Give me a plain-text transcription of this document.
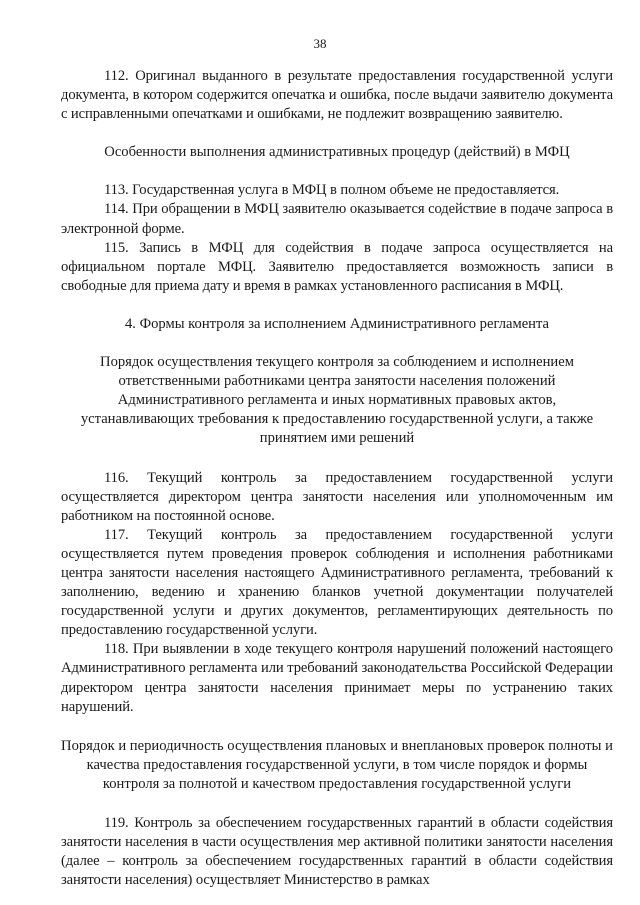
38

112. Оригинал выданного в результате предоставления государственной услуги документа, в котором содержится опечатка и ошибка, после выдачи заявителю документа с исправленными опечатками и ошибками, не подлежит возвращению заявителю.

Особенности выполнения административных процедур (действий) в МФЦ

113. Государственная услуга в МФЦ в полном объеме не предоставляется.

114. При обращении в МФЦ заявителю оказывается содействие в подаче запроса в электронной форме.

115. Запись в МФЦ для содействия в подаче запроса осуществляется на официальном портале МФЦ. Заявителю предоставляется возможность записи в свободные для приема дату и время в рамках установленного расписания в МФЦ.

4. Формы контроля за исполнением Административного регламента

Порядок осуществления текущего контроля за соблюдением и исполнением ответственными работниками центра занятости населения положений Административного регламента и иных нормативных правовых актов, устанавливающих требования к предоставлению государственной услуги, а также принятием ими решений

116. Текущий контроль за предоставлением государственной услуги осуществляется директором центра занятости населения или уполномоченным им работником на постоянной основе.

117. Текущий контроль за предоставлением государственной услуги осуществляется путем проведения проверок соблюдения и исполнения работниками центра занятости населения настоящего Административного регламента, требований к заполнению, ведению и хранению бланков учетной документации получателей государственной услуги и других документов, регламентирующих деятельность по предоставлению государственной услуги.

118. При выявлении в ходе текущего контроля нарушений положений настоящего Административного регламента или требований законодательства Российской Федерации директором центра занятости населения принимает меры по устранению таких нарушений.

Порядок и периодичность осуществления плановых и внеплановых проверок полноты и качества предоставления государственной услуги, в том числе порядок и формы контроля за полнотой и качеством предоставления государственной услуги

119. Контроль за обеспечением государственных гарантий в области содействия занятости населения в части осуществления мер активной политики занятости населения (далее – контроль за обеспечением государственных гарантий в области содействия занятости населения) осуществляет Министерство в рамках
